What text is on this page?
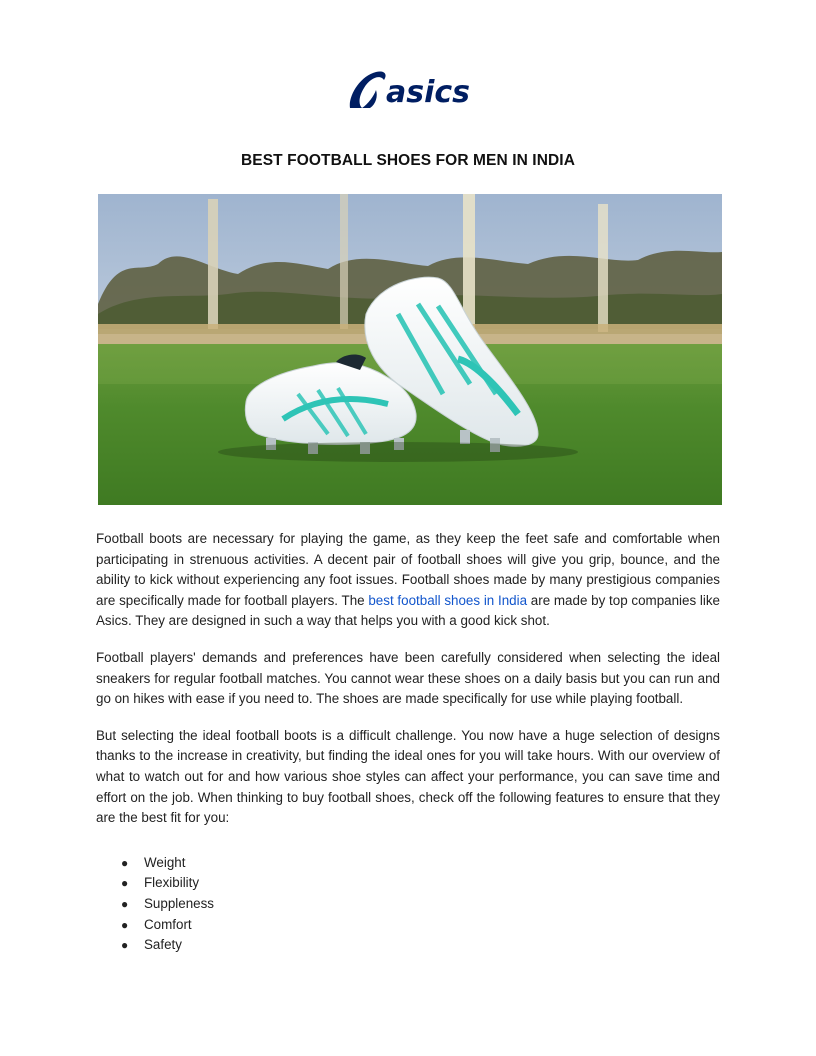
asics
BEST FOOTBALL SHOES FOR MEN IN INDIA

Football boots are necessary for playing the game, as they keep the feet safe and comfortable when participating in strenuous activities. A decent pair of football shoes will give you grip, bounce, and the ability to kick without experiencing any foot issues. Football shoes made by many prestigious companies are specifically made for football players. The best football shoes in India are made by top companies like Asics. They are designed in such a way that helps you with a good kick shot.

Football players' demands and preferences have been carefully considered when selecting the ideal sneakers for regular football matches. You cannot wear these shoes on a daily basis but you can run and go on hikes with ease if you need to. The shoes are made specifically for use while playing football.

But selecting the ideal football boots is a difficult challenge. You now have a huge selection of designs thanks to the increase in creativity, but finding the ideal ones for you will take hours. With our overview of what to watch out for and how various shoe styles can affect your performance, you can save time and effort on the job. When thinking to buy football shoes, check off the following features to ensure that they are the best fit for you:

● Weight
● Flexibility
● Suppleness
● Comfort
● Safety
